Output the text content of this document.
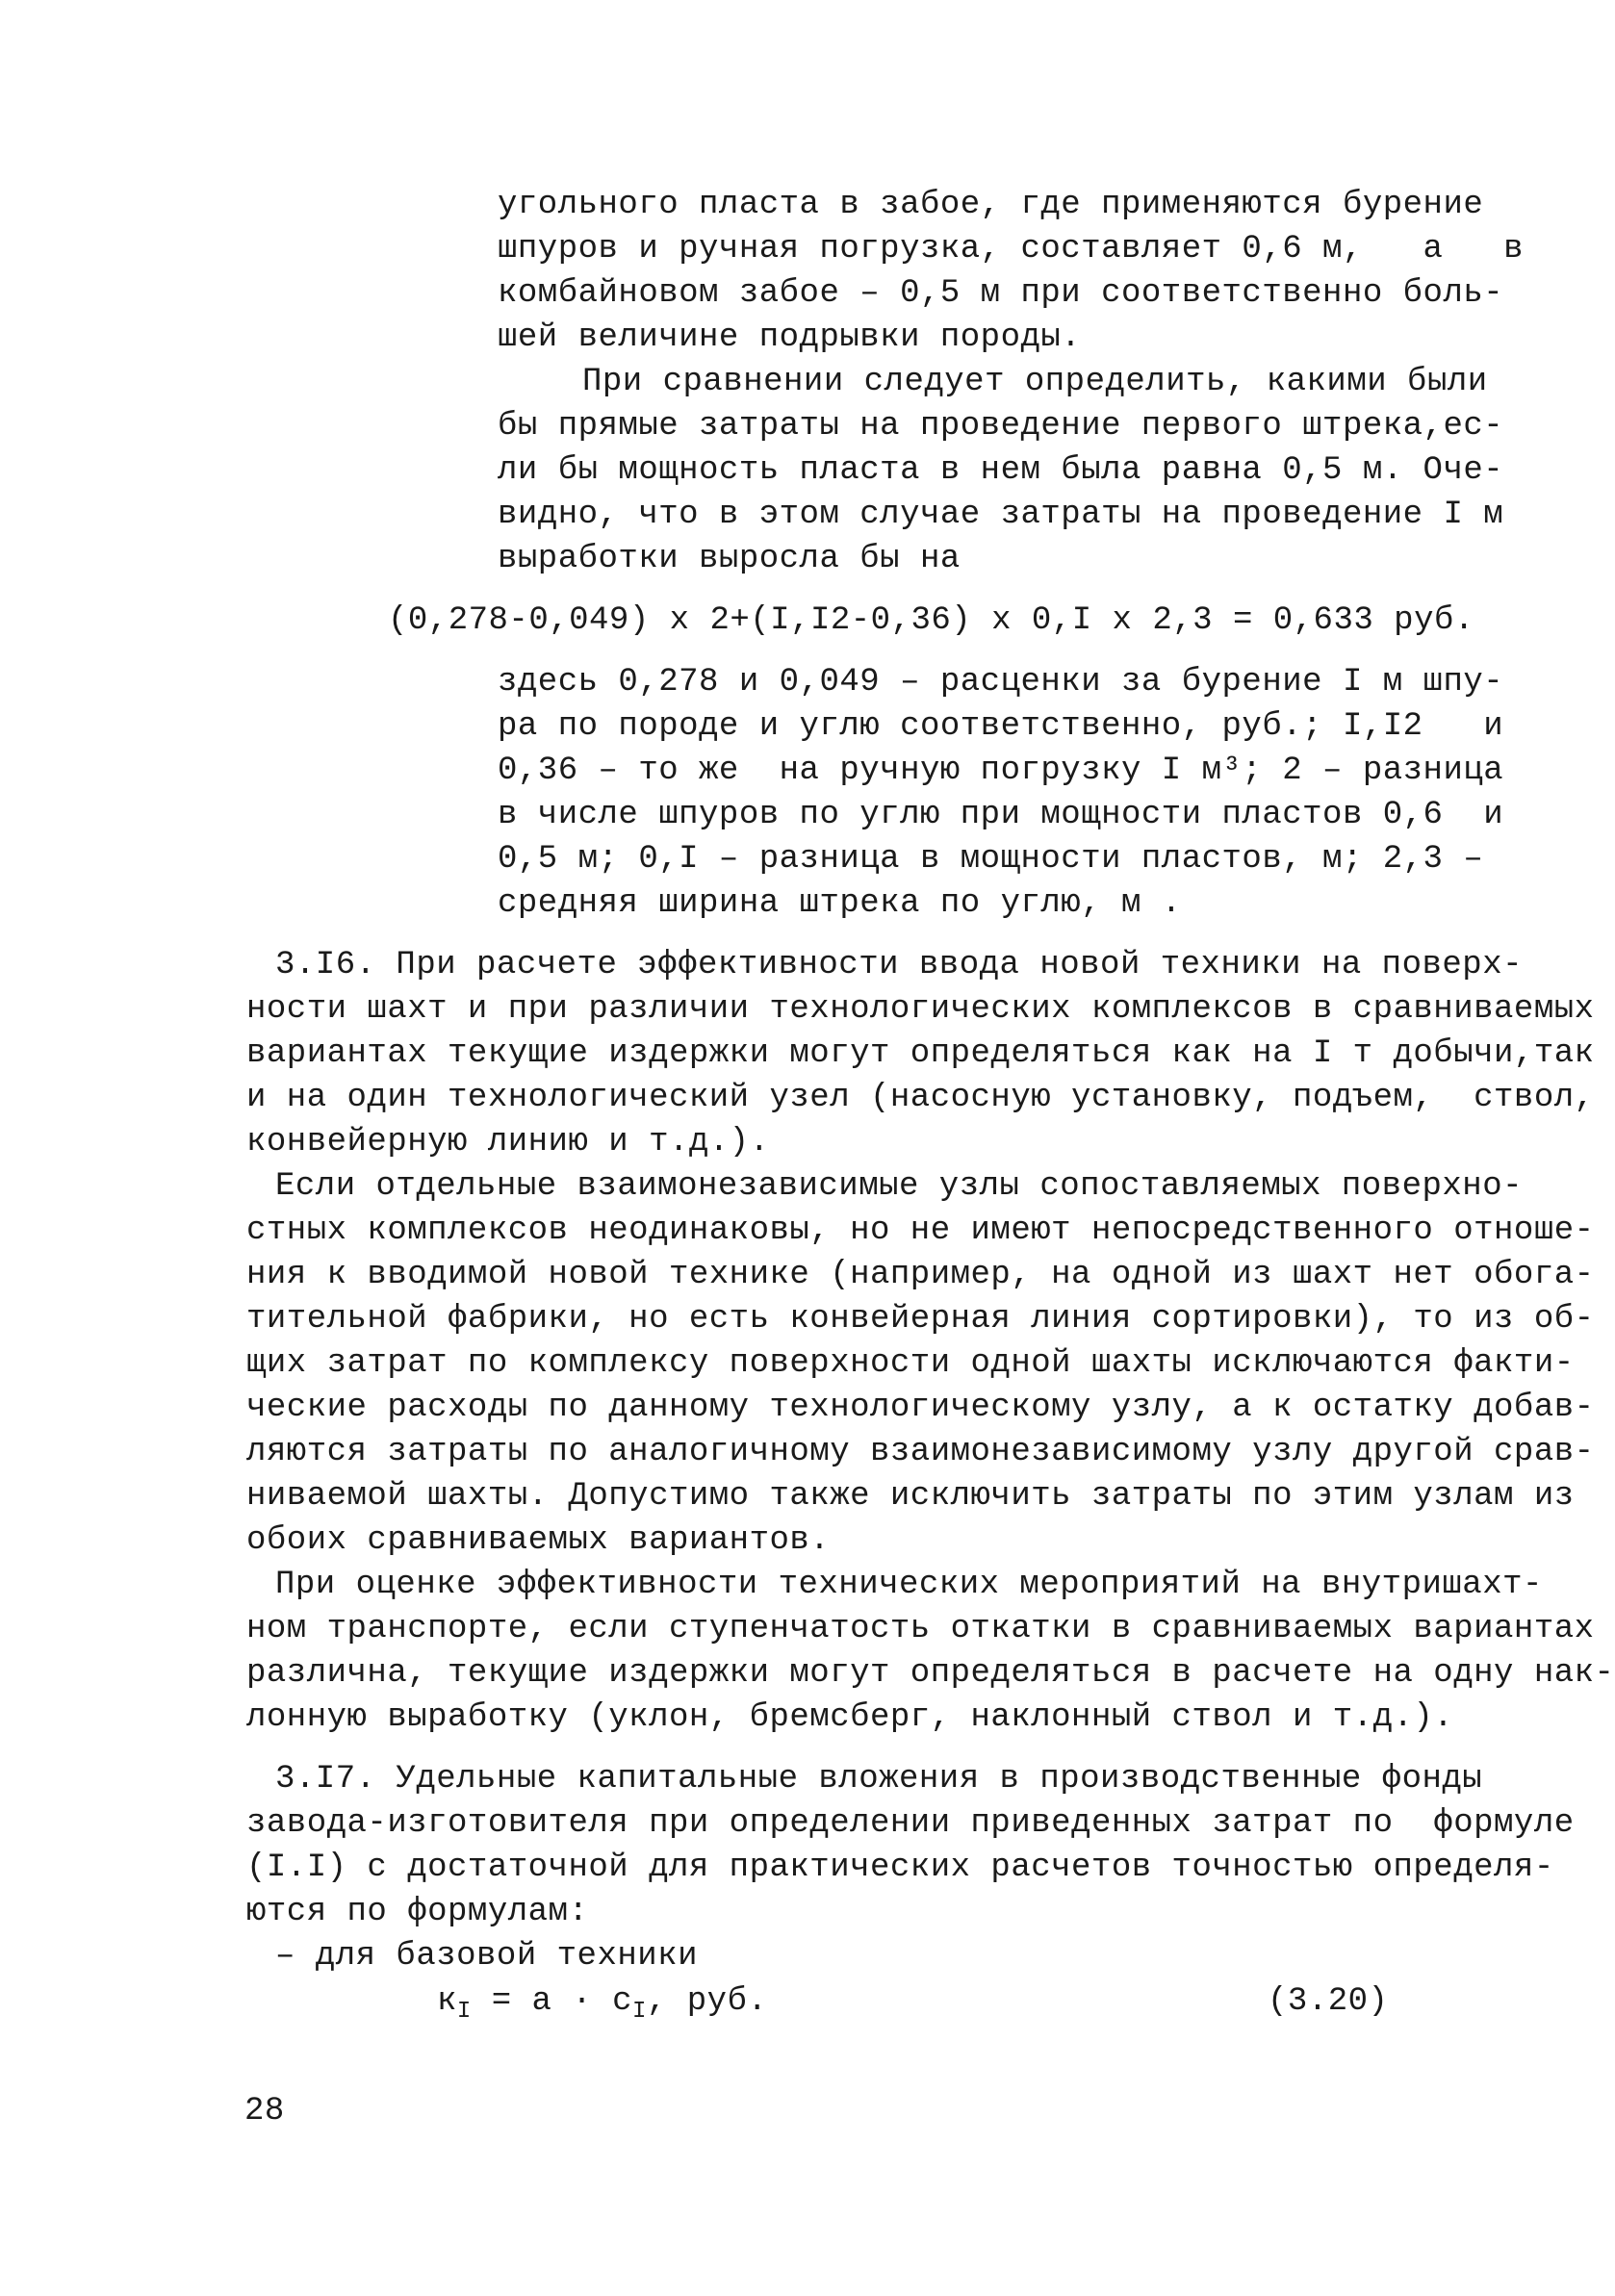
угольного пласта в забое, где применяются бурение
шпуров и ручная погрузка, составляет 0,6 м,   а   в
комбайновом забое – 0,5 м при соответственно боль-
шей величине подрывки породы.
При сравнении следует определить, какими были
бы прямые затраты на проведение первого штрека,ес-
ли бы мощность пласта в нем была равна 0,5 м. Оче-
видно, что в этом случае затраты на проведение I м
выработки выросла бы на
(0,278-0,049) х 2+(I,I2-0,36) х 0,I х 2,3 = 0,633 руб.
здесь 0,278 и 0,049 – расценки за бурение I м шпу-
ра по породе и углю соответственно, руб.; I,I2   и
0,36 – то же  на ручную погрузку I м³; 2 – разница
в числе шпуров по углю при мощности пластов 0,6  и
0,5 м; 0,I – разница в мощности пластов, м; 2,3 –
средняя ширина штрека по углю, м .
3.I6. При расчете эффективности ввода новой техники на поверх-
ности шахт и при различии технологических комплексов в сравниваемых
вариантах текущие издержки могут определяться как на I т добычи,так
и на один технологический узел (насосную установку, подъем,  ствол,
конвейерную линию и т.д.).
Если отдельные взаимонезависимые узлы сопоставляемых поверхно-
стных комплексов неодинаковы, но не имеют непосредственного отноше-
ния к вводимой новой технике (например, на одной из шахт нет обога-
тительной фабрики, но есть конвейерная линия сортировки), то из об-
щих затрат по комплексу поверхности одной шахты исключаются факти-
ческие расходы по данному технологическому узлу, а к остатку добав-
ляются затраты по аналогичному взаимонезависимому узлу другой срав-
ниваемой шахты. Допустимо также исключить затраты по этим узлам из
обоих сравниваемых вариантов.
При оценке эффективности технических мероприятий на внутришахт-
ном транспорте, если ступенчатость откатки в сравниваемых вариантах
различна, текущие издержки могут определяться в расчете на одну нак-
лонную выработку (уклон, бремсберг, наклонный ствол и т.д.).
3.I7. Удельные капитальные вложения в производственные фонды
завода-изготовителя при определении приведенных затрат по  формуле
(I.I) с достаточной для практических расчетов точностью определя-
ются по формулам:
– для базовой техники
$к_I = а \cdot с_I$, руб.	(3.20)
28
